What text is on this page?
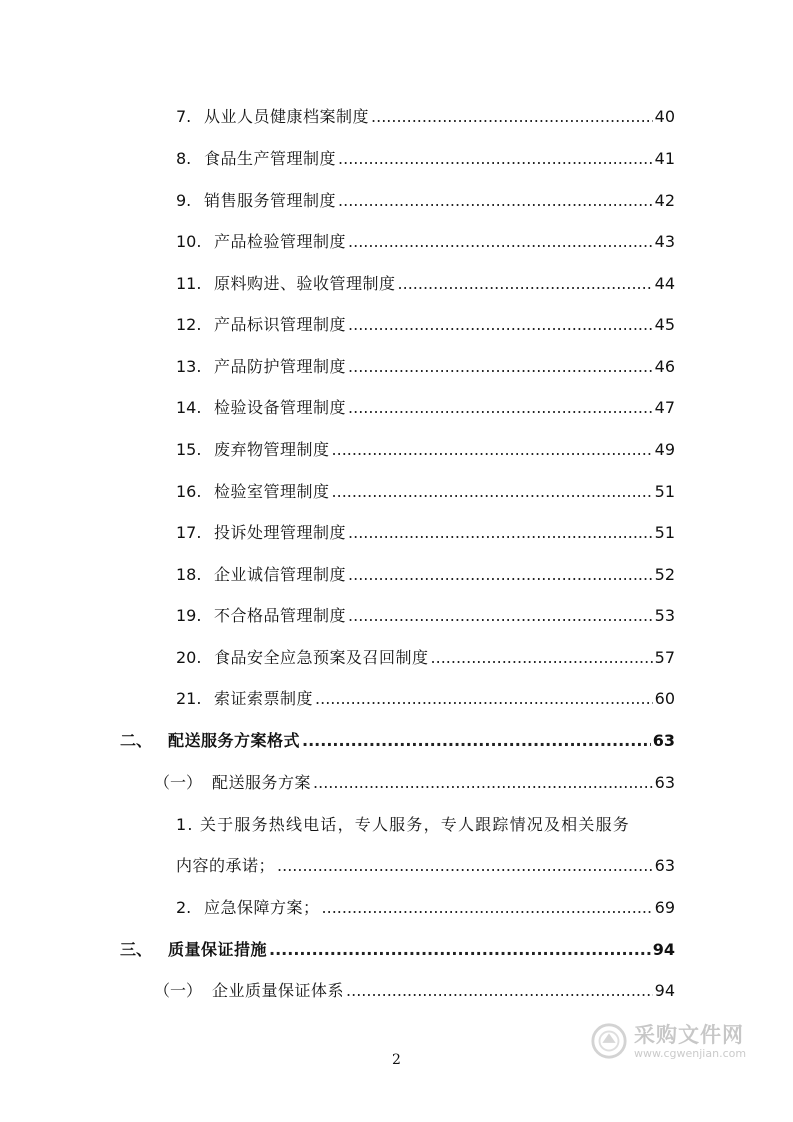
7. 从业人员健康档案制度 .....	40
8. 食品生产管理制度 .....	41
9. 销售服务管理制度 .....	42
10. 产品检验管理制度 .....	43
11. 原料购进、验收管理制度 .....	44
12. 产品标识管理制度 .....	45
13. 产品防护管理制度 .....	46
14. 检验设备管理制度 .....	47
15. 废弃物管理制度 .....	49
16. 检验室管理制度 .....	51
17. 投诉处理管理制度 .....	51
18. 企业诚信管理制度 .....	52
19. 不合格品管理制度 .....	53
20. 食品安全应急预案及召回制度 .....	57
21. 索证索票制度 .....	60
二、 配送服务方案格式 .....	63
（一） 配送服务方案 .....	63
1. 关于服务热线电话，专人服务，专人跟踪情况及相关服务
内容的承诺； .....	63
2. 应急保障方案； .....	69
三、 质量保证措施 .....	94
（一） 企业质量保证体系 .....	94
2
采购文件网
www.cgwenjian.com
